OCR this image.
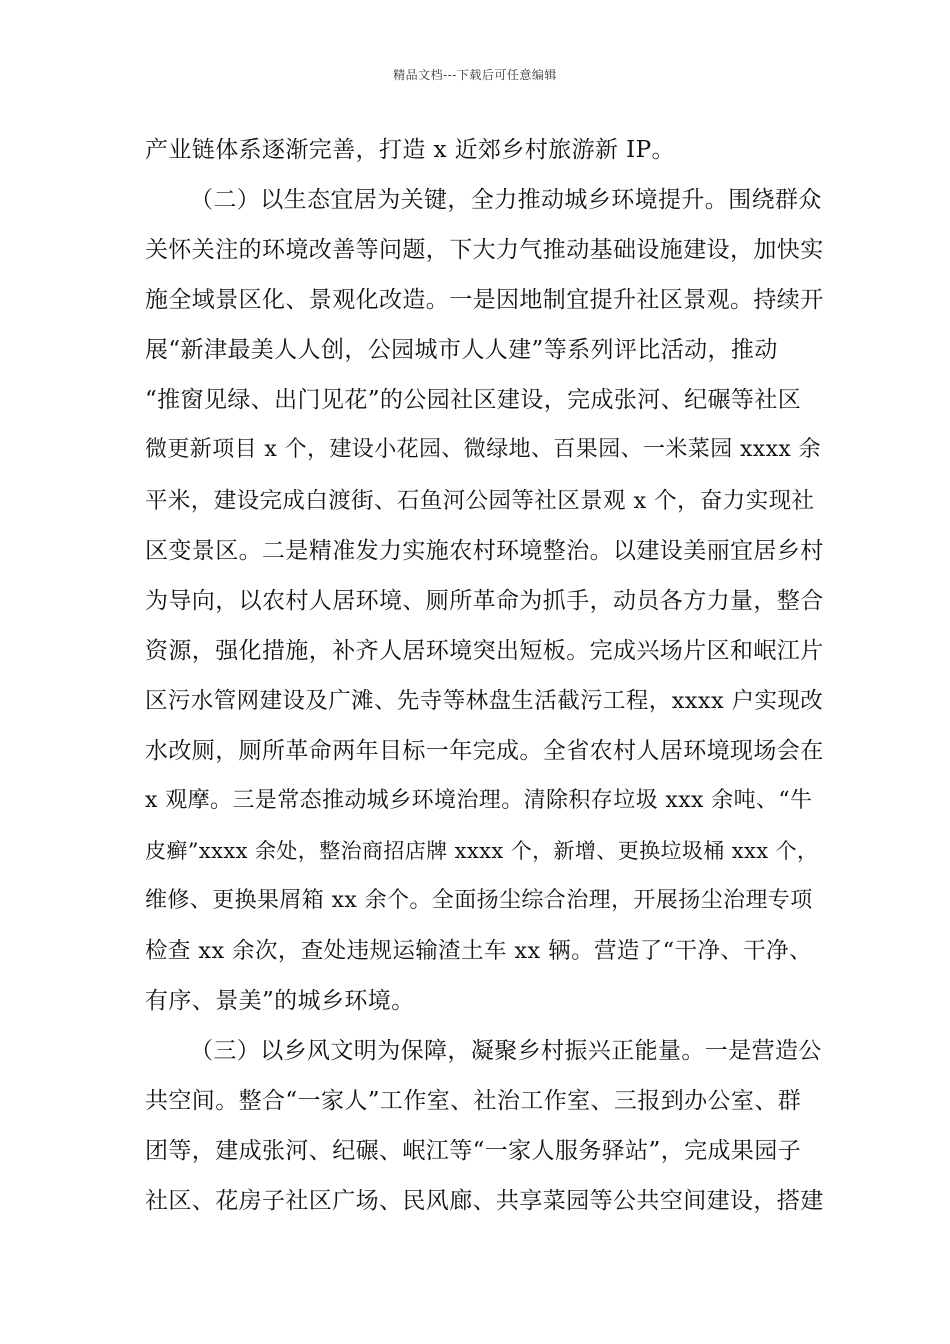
精品文档---下载后可任意编辑
产业链体系逐渐完善，打造 x 近郊乡村旅游新 IP。
（二）以生态宜居为关键，全力推动城乡环境提升。围绕群众
关怀关注的环境改善等问题，下大力气推动基础设施建设，加快实
施全域景区化、景观化改造。一是因地制宜提升社区景观。持续开
展“新津最美人人创，公园城市人人建”等系列评比活动，推动
“推窗见绿、出门见花”的公园社区建设，完成张河、纪碾等社区
微更新项目 x 个，建设小花园、微绿地、百果园、一米菜园 xxxx 余
平米，建设完成白渡街、石鱼河公园等社区景观 x 个，奋力实现社
区变景区。二是精准发力实施农村环境整治。以建设美丽宜居乡村
为导向，以农村人居环境、厕所革命为抓手，动员各方力量，整合
资源，强化措施，补齐人居环境突出短板。完成兴场片区和岷江片
区污水管网建设及广滩、先寺等林盘生活截污工程，xxxx 户实现改
水改厕，厕所革命两年目标一年完成。全省农村人居环境现场会在
x 观摩。三是常态推动城乡环境治理。清除积存垃圾 xxx 余吨、“牛
皮癣”xxxx 余处，整治商招店牌 xxxx 个，新增、更换垃圾桶 xxx 个，
维修、更换果屑箱 xx 余个。全面扬尘综合治理，开展扬尘治理专项
检查 xx 余次，查处违规运输渣土车 xx 辆。营造了“干净、干净、
有序、景美”的城乡环境。
（三）以乡风文明为保障，凝聚乡村振兴正能量。一是营造公
共空间。整合“一家人”工作室、社治工作室、三报到办公室、群
团等，建成张河、纪碾、岷江等“一家人服务驿站”，完成果园子
社区、花房子社区广场、民风廊、共享菜园等公共空间建设，搭建
